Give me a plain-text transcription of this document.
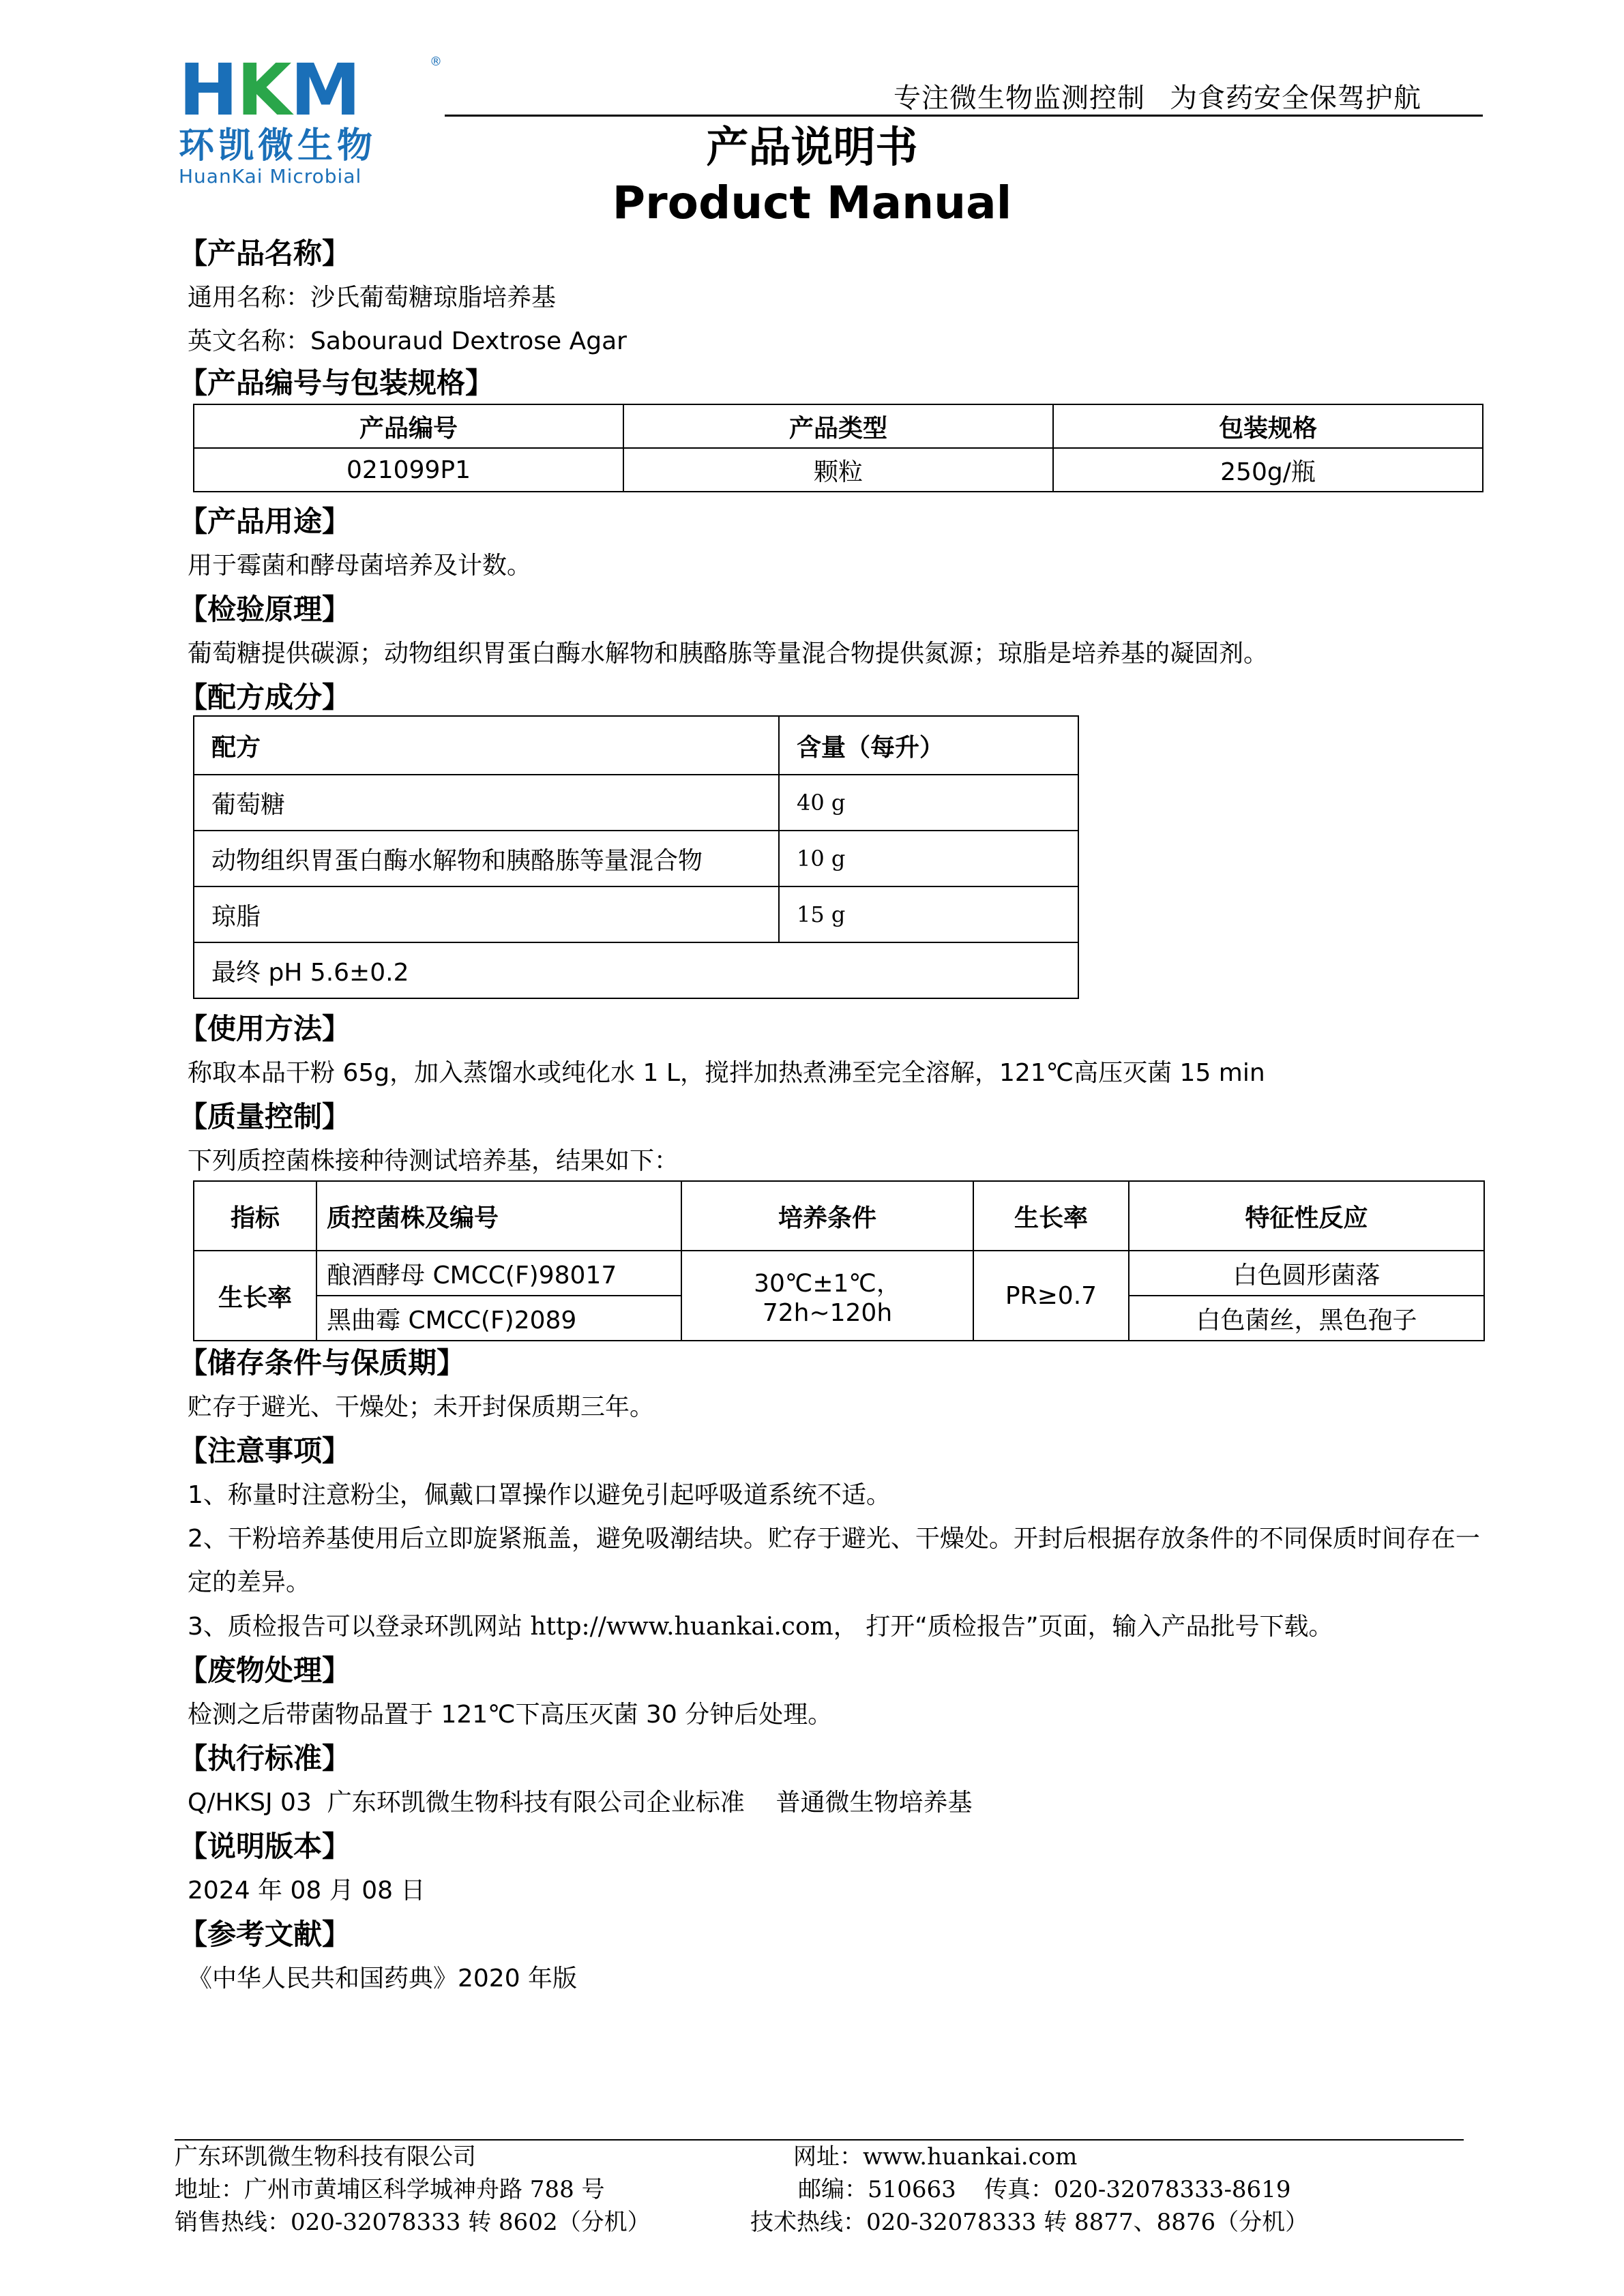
H K M	®
环凯微生物
HuanKai Microbial
专注微生物监测控制 为食药安全保驾护航
产品说明书
Product Manual
【产品名称】
通用名称：沙氏葡萄糖琼脂培养基
英文名称：Sabouraud Dextrose Agar
【产品编号与包装规格】
产品编号	产品类型	包装规格
021099P1	颗粒	250g/瓶
【产品用途】
用于霉菌和酵母菌培养及计数。
【检验原理】
葡萄糖提供碳源；动物组织胃蛋白酶水解物和胰酪胨等量混合物提供氮源；琼脂是培养基的凝固剂。
【配方成分】
配方	含量（每升）
葡萄糖	40 g
动物组织胃蛋白酶水解物和胰酪胨等量混合物	10 g
琼脂	15 g
最终 pH 5.6±0.2	
【使用方法】
称取本品干粉 65g，加入蒸馏水或纯化水 1 L，搅拌加热煮沸至完全溶解，121℃高压灭菌 15 min
【质量控制】
下列质控菌株接种待测试培养基，结果如下：
指标	质控菌株及编号	培养条件	生长率	特征性反应
生长率	酿酒酵母 CMCC(F)98017	30℃±1℃，72h~120h	PR≥0.7	白色圆形菌落
	黑曲霉 CMCC(F)2089			白色菌丝，黑色孢子
【储存条件与保质期】
贮存于避光、干燥处；未开封保质期三年。
【注意事项】
1、称量时注意粉尘，佩戴口罩操作以避免引起呼吸道系统不适。
2、干粉培养基使用后立即旋紧瓶盖，避免吸潮结块。贮存于避光、干燥处。开封后根据存放条件的不同保质时间存在一定的差异。
3、质检报告可以登录环凯网站 http://www.huankai.com， 打开“质检报告”页面，输入产品批号下载。
【废物处理】
检测之后带菌物品置于 121℃下高压灭菌 30 分钟后处理。
【执行标准】
Q/HKSJ 03  广东环凯微生物科技有限公司企业标准    普通微生物培养基
【说明版本】
2024 年 08 月 08 日
【参考文献】
《中华人民共和国药典》2020 年版
广东环凯微生物科技有限公司
地址：广州市黄埔区科学城神舟路 788 号
销售热线：020-32078333 转 8602（分机）
网址：www.huankai.com
邮编：510663 传真：020-32078333-8619
技术热线：020-32078333 转 8877、8876（分机）
